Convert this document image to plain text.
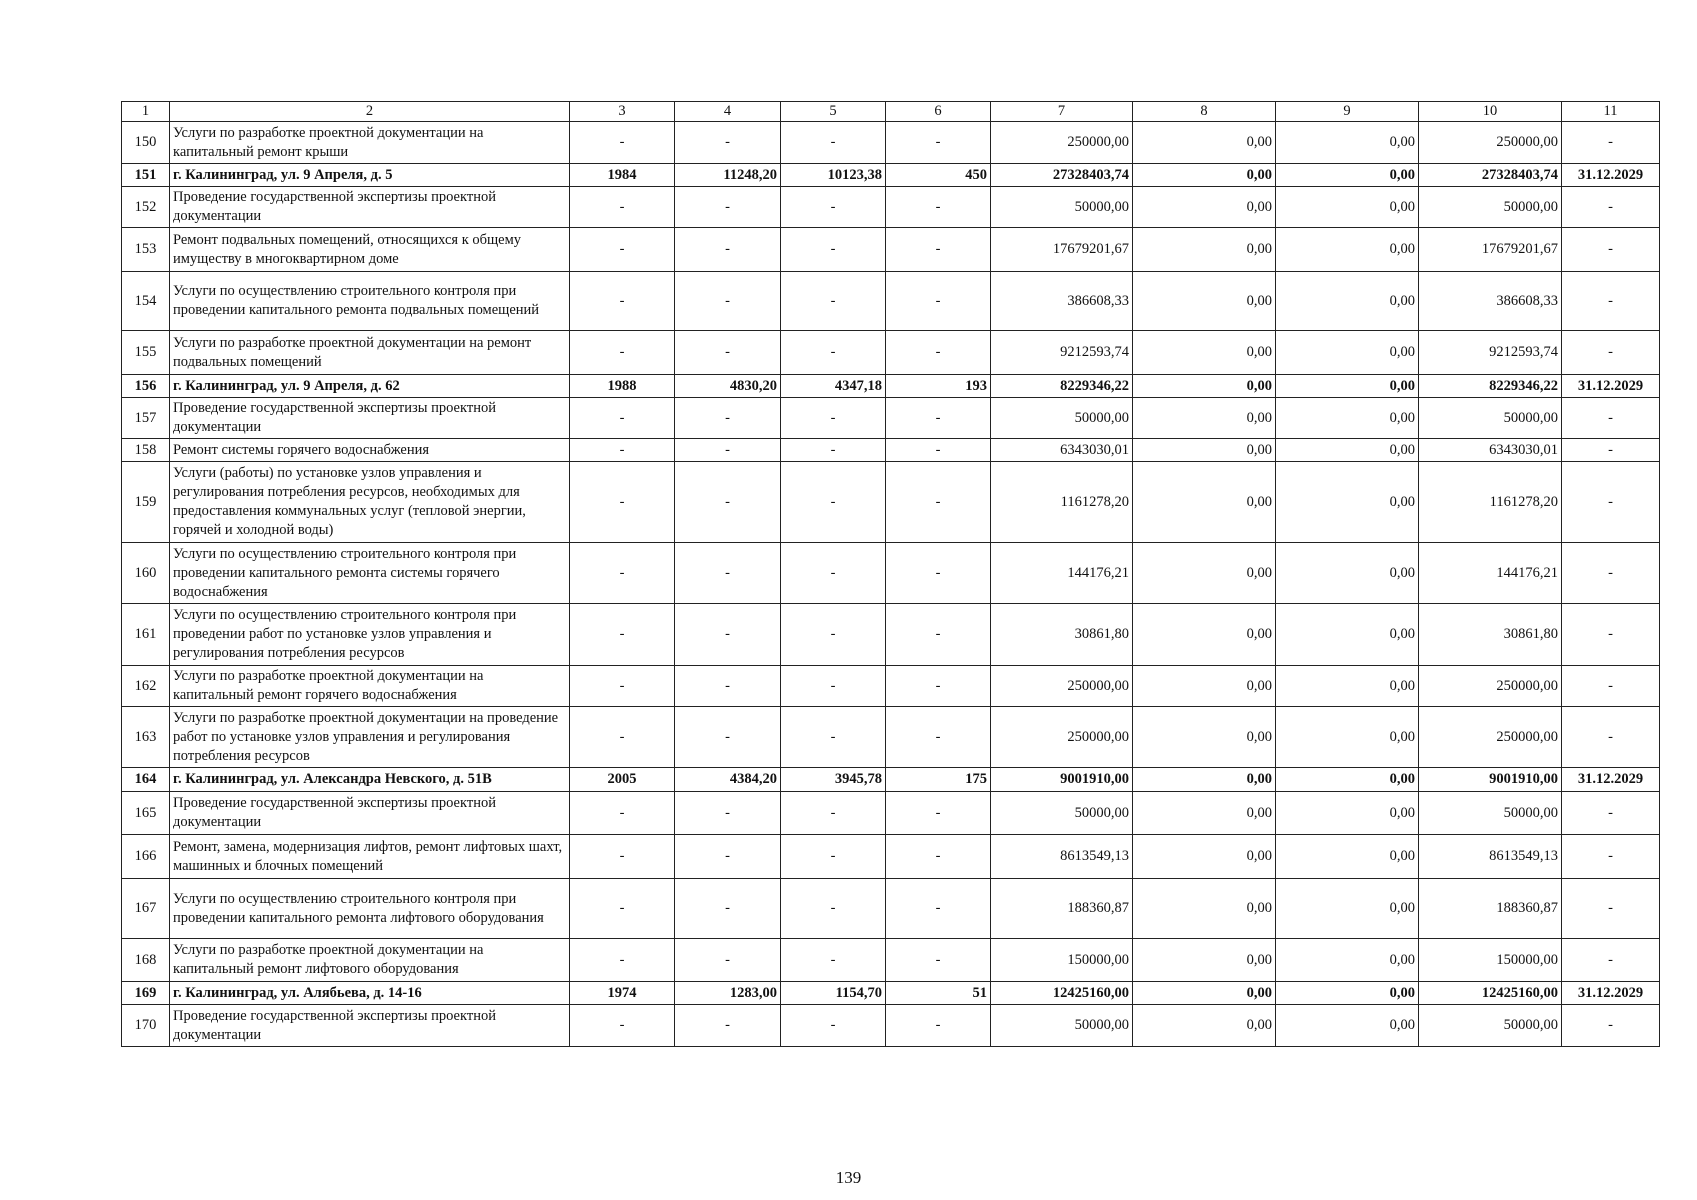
1	2	3	4	5	6	7	8	9	10	11
150	Услуги по разработке проектной документации на капитальный ремонт крыши	-	-	-	-	250000,00	0,00	0,00	250000,00	-
151	г. Калининград, ул. 9 Апреля, д. 5	1984	11248,20	10123,38	450	27328403,74	0,00	0,00	27328403,74	31.12.2029
152	Проведение государственной экспертизы проектной документации	-	-	-	-	50000,00	0,00	0,00	50000,00	-
153	Ремонт подвальных помещений, относящихся к общему имуществу в многоквартирном доме	-	-	-	-	17679201,67	0,00	0,00	17679201,67	-
154	Услуги по осуществлению строительного контроля при проведении капитального ремонта подвальных помещений	-	-	-	-	386608,33	0,00	0,00	386608,33	-
155	Услуги по разработке проектной документации на ремонт подвальных помещений	-	-	-	-	9212593,74	0,00	0,00	9212593,74	-
156	г. Калининград, ул. 9 Апреля, д. 62	1988	4830,20	4347,18	193	8229346,22	0,00	0,00	8229346,22	31.12.2029
157	Проведение государственной экспертизы проектной документации	-	-	-	-	50000,00	0,00	0,00	50000,00	-
158	Ремонт системы горячего водоснабжения	-	-	-	-	6343030,01	0,00	0,00	6343030,01	-
159	Услуги (работы) по установке узлов управления и регулирования потребления ресурсов, необходимых для предоставления коммунальных услуг (тепловой энергии, горячей и холодной воды)	-	-	-	-	1161278,20	0,00	0,00	1161278,20	-
160	Услуги по осуществлению строительного контроля при проведении капитального ремонта системы горячего водоснабжения	-	-	-	-	144176,21	0,00	0,00	144176,21	-
161	Услуги по осуществлению строительного контроля при проведении работ по установке узлов управления и регулирования потребления ресурсов	-	-	-	-	30861,80	0,00	0,00	30861,80	-
162	Услуги по разработке проектной документации на капитальный ремонт горячего водоснабжения	-	-	-	-	250000,00	0,00	0,00	250000,00	-
163	Услуги по разработке проектной документации на проведение работ по установке узлов управления и регулирования потребления ресурсов	-	-	-	-	250000,00	0,00	0,00	250000,00	-
164	г. Калининград, ул. Александра Невского, д. 51В	2005	4384,20	3945,78	175	9001910,00	0,00	0,00	9001910,00	31.12.2029
165	Проведение государственной экспертизы проектной документации	-	-	-	-	50000,00	0,00	0,00	50000,00	-
166	Ремонт, замена, модернизация лифтов, ремонт лифтовых шахт, машинных и блочных помещений	-	-	-	-	8613549,13	0,00	0,00	8613549,13	-
167	Услуги по осуществлению строительного контроля при проведении капитального ремонта лифтового оборудования	-	-	-	-	188360,87	0,00	0,00	188360,87	-
168	Услуги по разработке проектной документации на капитальный ремонт лифтового оборудования	-	-	-	-	150000,00	0,00	0,00	150000,00	-
169	г. Калининград, ул. Алябьева, д. 14-16	1974	1283,00	1154,70	51	12425160,00	0,00	0,00	12425160,00	31.12.2029
170	Проведение государственной экспертизы проектной документации	-	-	-	-	50000,00	0,00	0,00	50000,00	-
139
